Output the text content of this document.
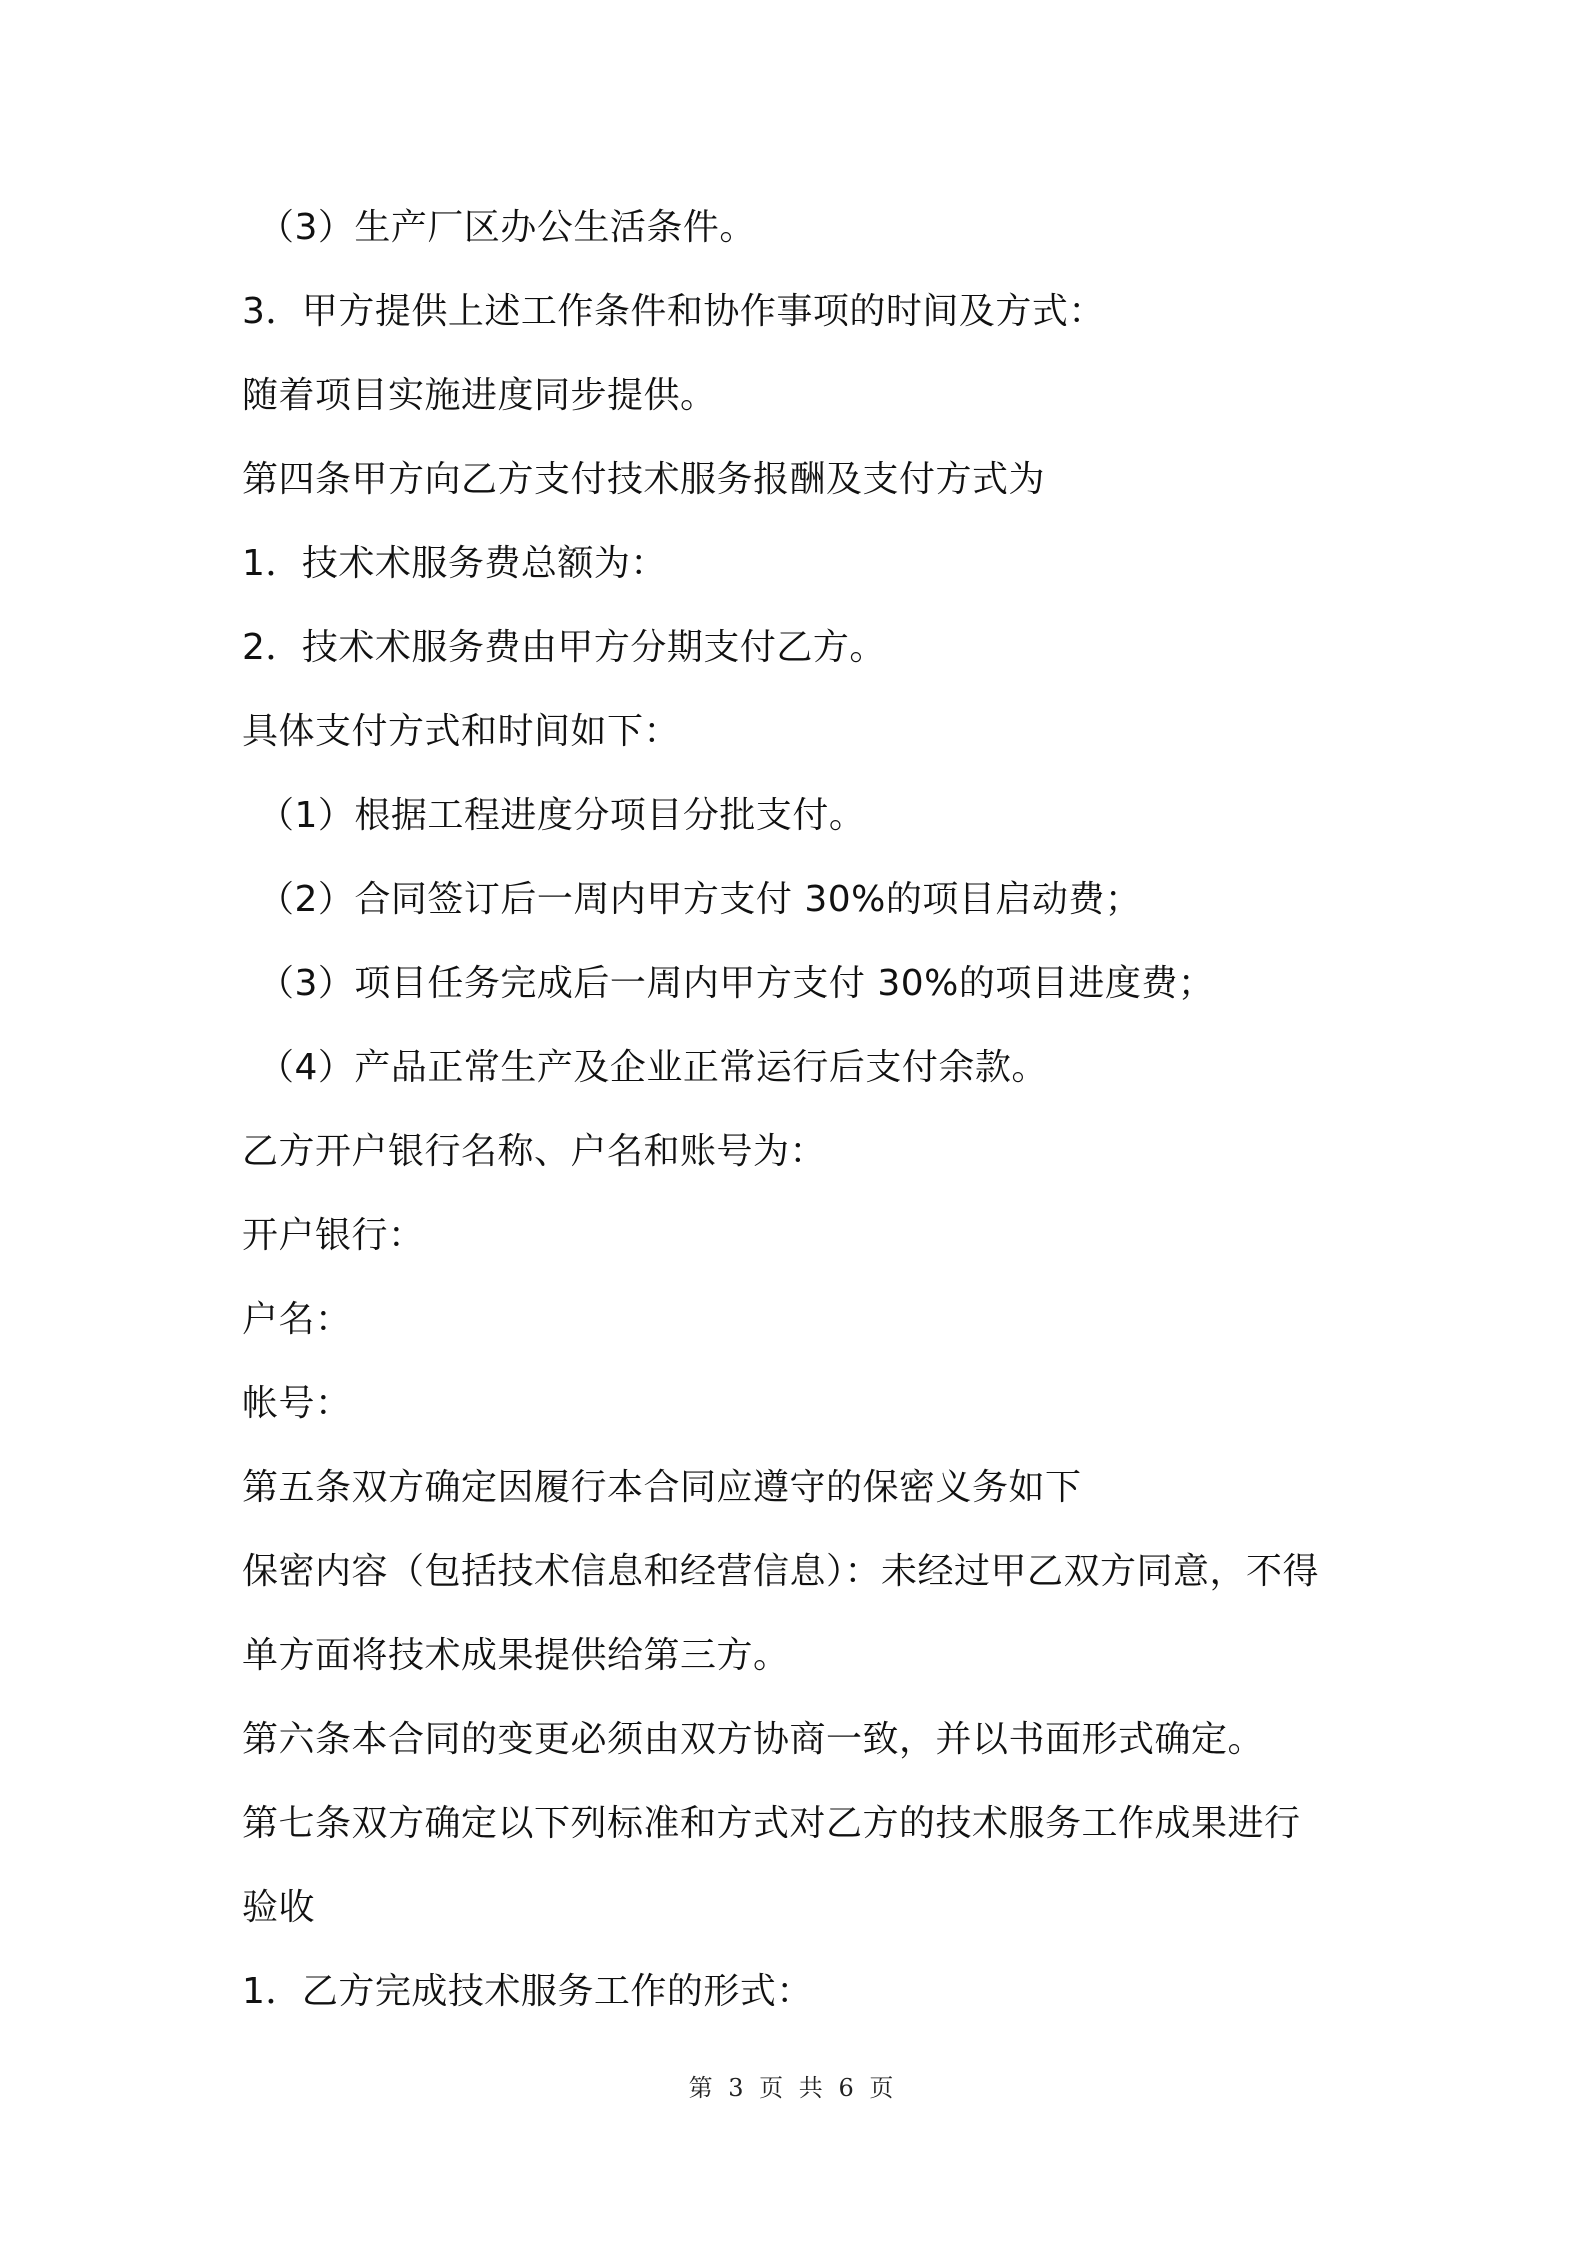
（3）生产厂区办公生活条件。
3．甲方提供上述工作条件和协作事项的时间及方式：
随着项目实施进度同步提供。
第四条甲方向乙方支付技术服务报酬及支付方式为
1．技术术服务费总额为：
2．技术术服务费由甲方分期支付乙方。
具体支付方式和时间如下：
（1）根据工程进度分项目分批支付。
（2）合同签订后一周内甲方支付 30%的项目启动费；
（3）项目任务完成后一周内甲方支付 30%的项目进度费；
（4）产品正常生产及企业正常运行后支付余款。
乙方开户银行名称、户名和账号为：
开户银行：
户名：
帐号：
第五条双方确定因履行本合同应遵守的保密义务如下
保密内容（包括技术信息和经营信息）：未经过甲乙双方同意，不得
单方面将技术成果提供给第三方。
第六条本合同的变更必须由双方协商一致，并以书面形式确定。
第七条双方确定以下列标准和方式对乙方的技术服务工作成果进行
验收
1．乙方完成技术服务工作的形式：
第 3 页 共 6 页
